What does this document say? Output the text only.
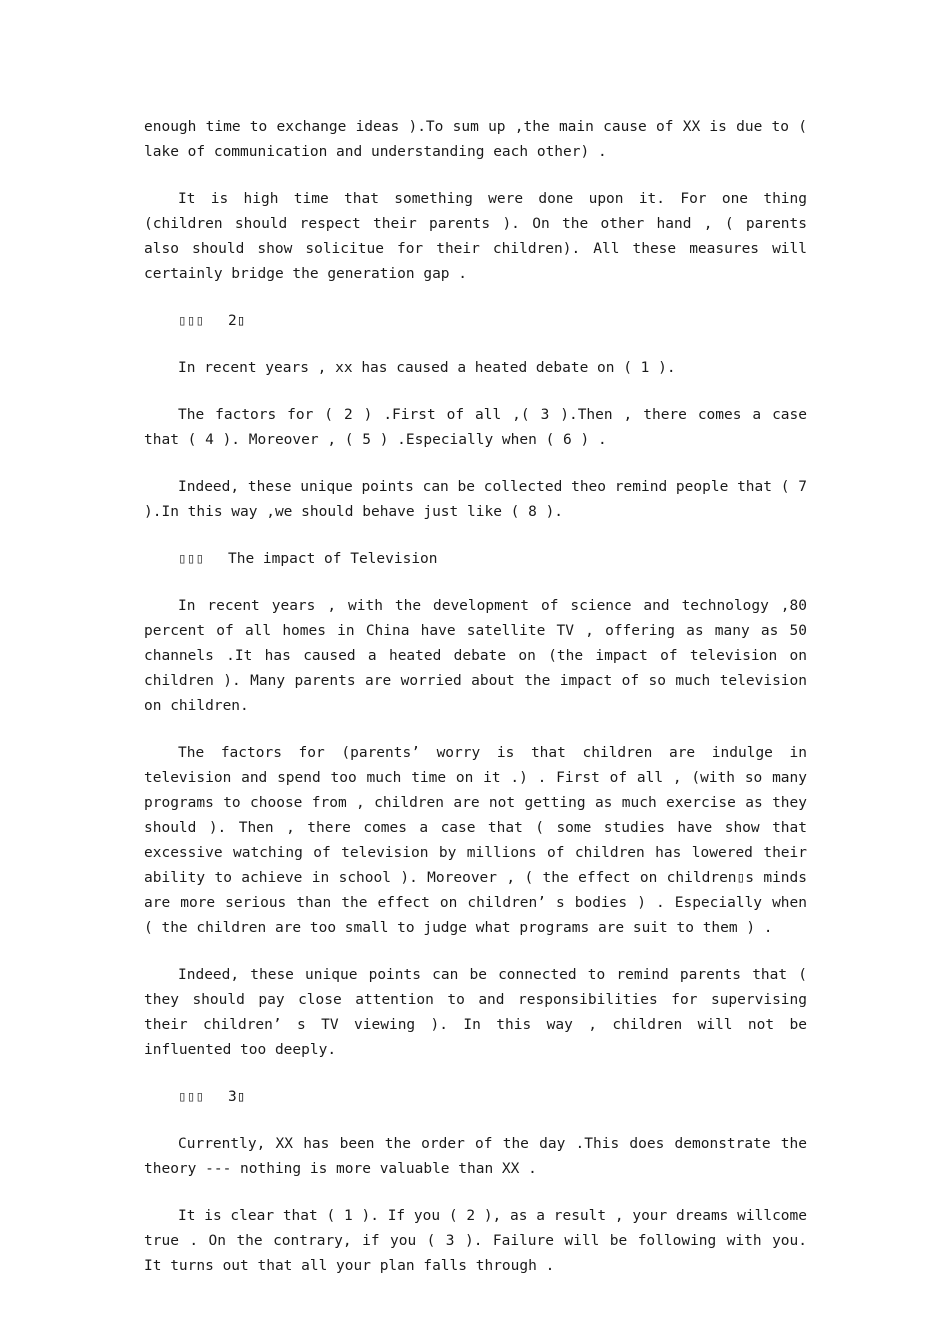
enough time to exchange ideas ).To sum up ,the main cause of XX is due to ( lake of communication and understanding each other) .

It is high time that something were done upon it. For one thing (children should respect their parents ). On the other hand , ( parents also should show solicitue for their children). All these measures will certainly bridge the generation gap .

▯▯▯ 2▯

In recent years , xx has caused a heated debate on ( 1 ).

The factors for ( 2 ) .First of all ,( 3 ).Then , there comes a case that ( 4 ). Moreover , ( 5 ) .Especially when ( 6 ) .

Indeed, these unique points can be collected theo remind people that ( 7 ).In this way ,we should behave just like ( 8 ).

▯▯▯ The impact of Television

In recent years , with the development of science and technology ,80 percent of all homes in China have satellite TV , offering as many as 50 channels .It has caused a heated debate on (the impact of television on children ). Many parents are worried about the impact of so much television on children.

The factors for (parents’ worry is that children are indulge in television and spend too much time on it .) . First of all , (with so many programs to choose from , children are not getting as much exercise as they should ). Then , there comes a case that ( some studies have show that excessive watching of television by millions of children has lowered their ability to achieve in school ). Moreover , ( the effect on children▯s minds are more serious than the effect on children’ s bodies ) . Especially when ( the children are too small to judge what programs are suit to them ) .

Indeed, these unique points can be connected to remind parents that ( they should pay close attention to and responsibilities for supervising their children’ s TV viewing ). In this way , children will not be influented too deeply.

▯▯▯ 3▯

Currently, XX has been the order of the day .This does demonstrate the theory --- nothing is more valuable than XX .

It is clear that ( 1 ). If you ( 2 ), as a result , your dreams willcome true . On the contrary, if you ( 3 ). Failure will be following with you. It turns out that all your plan falls through .
